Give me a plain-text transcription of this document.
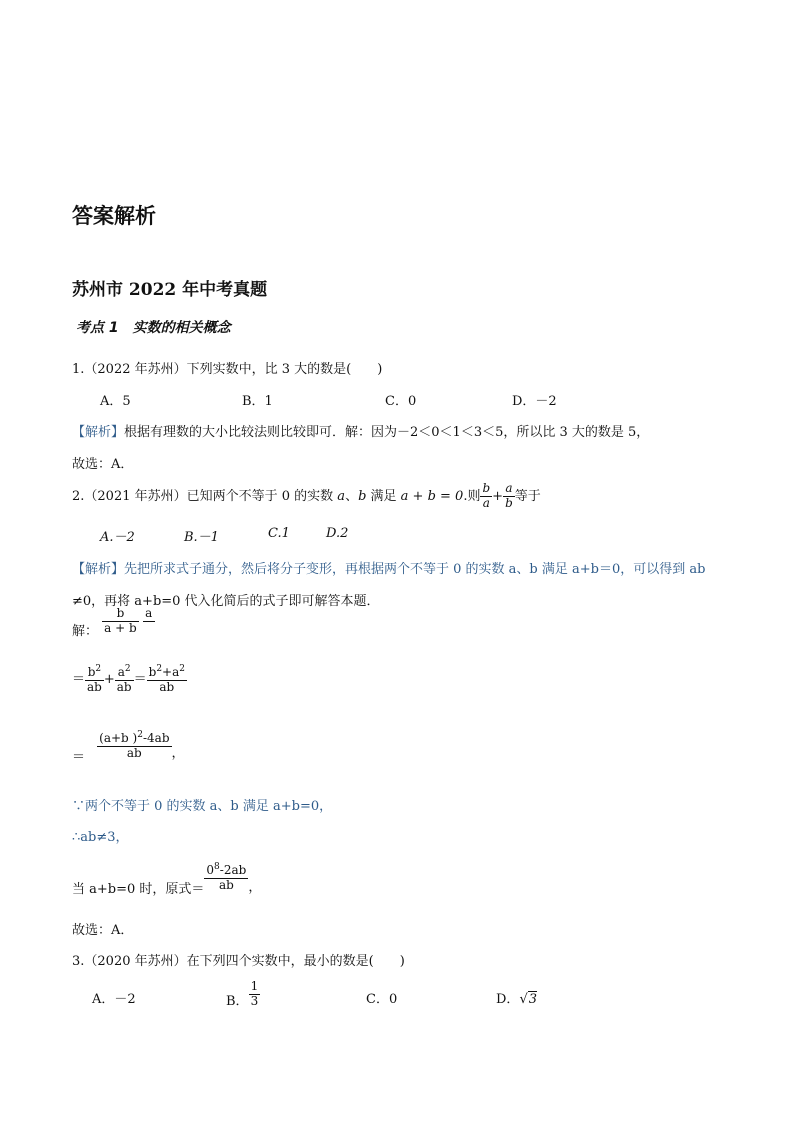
答案解析
苏州市 2022 年中考真题
考点 1　实数的相关概念
1.（2022 年苏州）下列实数中，比 3 大的数是(　　)
A．5	B．1	C．0	D．－2
【解析】根据有理数的大小比较法则比较即可．解：因为－2＜0＜1＜3＜5，所以比 3 大的数是 5，
故选：A．
2.（2021 年苏州）已知两个不等于 0 的实数 a、b 满足 a + b = 0.则 $\frac{b}{a} + \frac{a}{b}$ 等于
A.－2	B.－1	C.1	D.2
【解析】先把所求式子通分，然后将分子变形，再根据两个不等于 0 的实数 a、b 满足 a+b＝0，可以得到 ab
≠0，再将 a+b=0 代入化简后的式子即可解答本题．
解： $\frac{b}{a + b}$
a
＝ $\frac{b^2}{ab} + \frac{a^2}{ab} = \frac{b^2+a^2}{ab}$
＝ $\frac{(a+b )^2-4ab}{ab}$ ，
∵两个不等于 0 的实数 a、b 满足 a+b=0，
∴ab≠3，
当 a+b=0 时，原式＝ $\frac{0^8-2ab}{ab}$ ，
故选：A．
3.（2020 年苏州）在下列四个实数中，最小的数是(　　)
A．－2	B． $\frac{1}{3}$	C．0	D．√3
